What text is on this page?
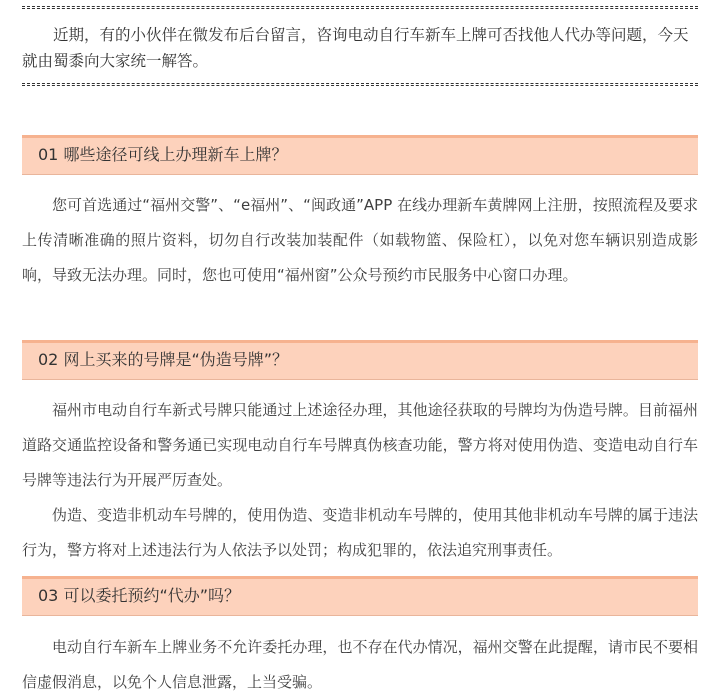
近期，有的小伙伴在微发布后台留言，咨询电动自行车新车上牌可否找他人代办等问题，今天就由蜀黍向大家统一解答。

01 哪些途径可线上办理新车上牌？

您可首选通过“福州交警”、“e福州”、“闽政通”APP 在线办理新车黄牌网上注册，按照流程及要求上传清晰准确的照片资料，切勿自行改装加装配件（如载物篮、保险杠），以免对您车辆识别造成影响，导致无法办理。同时，您也可使用“福州窗”公众号预约市民服务中心窗口办理。

02 网上买来的号牌是“伪造号牌”？

福州市电动自行车新式号牌只能通过上述途径办理，其他途径获取的号牌均为伪造号牌。目前福州道路交通监控设备和警务通已实现电动自行车号牌真伪核查功能，警方将对使用伪造、变造电动自行车号牌等违法行为开展严厉查处。

伪造、变造非机动车号牌的，使用伪造、变造非机动车号牌的，使用其他非机动车号牌的属于违法行为，警方将对上述违法行为人依法予以处罚；构成犯罪的，依法追究刑事责任。

03 可以委托预约“代办”吗？

电动自行车新车上牌业务不允许委托办理，也不存在代办情况，福州交警在此提醒，请市民不要相信虚假消息，以免个人信息泄露，上当受骗。
